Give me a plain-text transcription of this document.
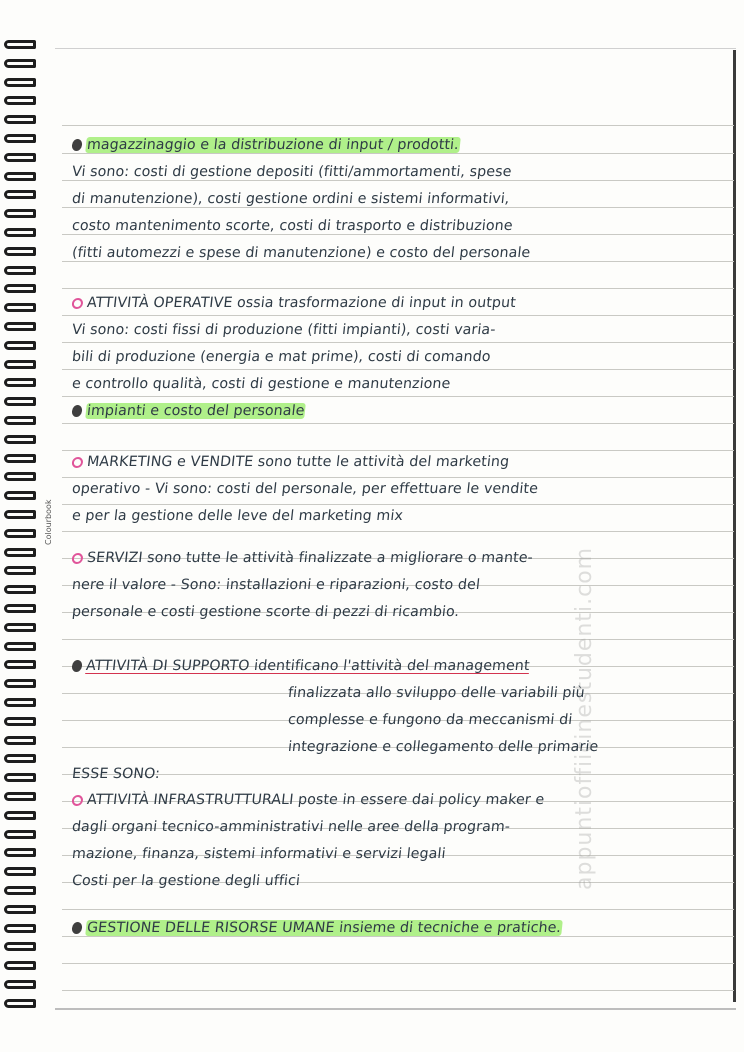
magazzinaggio e la distribuzione di input / prodotti.
Vi sono: costi di gestione depositi (fitti/ammortamenti, spese
di manutenzione), costi gestione ordini e sistemi informativi,
costo mantenimento scorte, costi di trasporto e distribuzione
(fitti automezzi e spese di manutenzione) e costo del personale
ATTIVITÀ OPERATIVE ossia trasformazione di input in output
Vi sono: costi fissi di produzione (fitti impianti), costi varia-
bili di produzione (energia e mat prime), costi di comando
e controllo qualità, costi di gestione e manutenzione
impianti e costo del personale
MARKETING e VENDITE sono tutte le attività del marketing
operativo - Vi sono: costi del personale, per effettuare le vendite
e per la gestione delle leve del marketing mix
SERVIZI sono tutte le attività finalizzate a migliorare o mante-
nere il valore - Sono: installazioni e riparazioni, costo del
personale e costi gestione scorte di pezzi di ricambio.
ATTIVITÀ DI SUPPORTO identificano l'attività del management
finalizzata allo sviluppo delle variabili più
complesse e fungono da meccanismi di
integrazione e collegamento delle primarie
ESSE SONO:
ATTIVITÀ INFRASTRUTTURALI poste in essere dai policy maker e
dagli organi tecnico-amministrativi nelle aree della program-
mazione, finanza, sistemi informativi e servizi legali
Costi per la gestione degli uffici
GESTIONE DELLE RISORSE UMANE insieme di tecniche e pratiche.
appuntioffiicinestudenti.com
Colourbook
